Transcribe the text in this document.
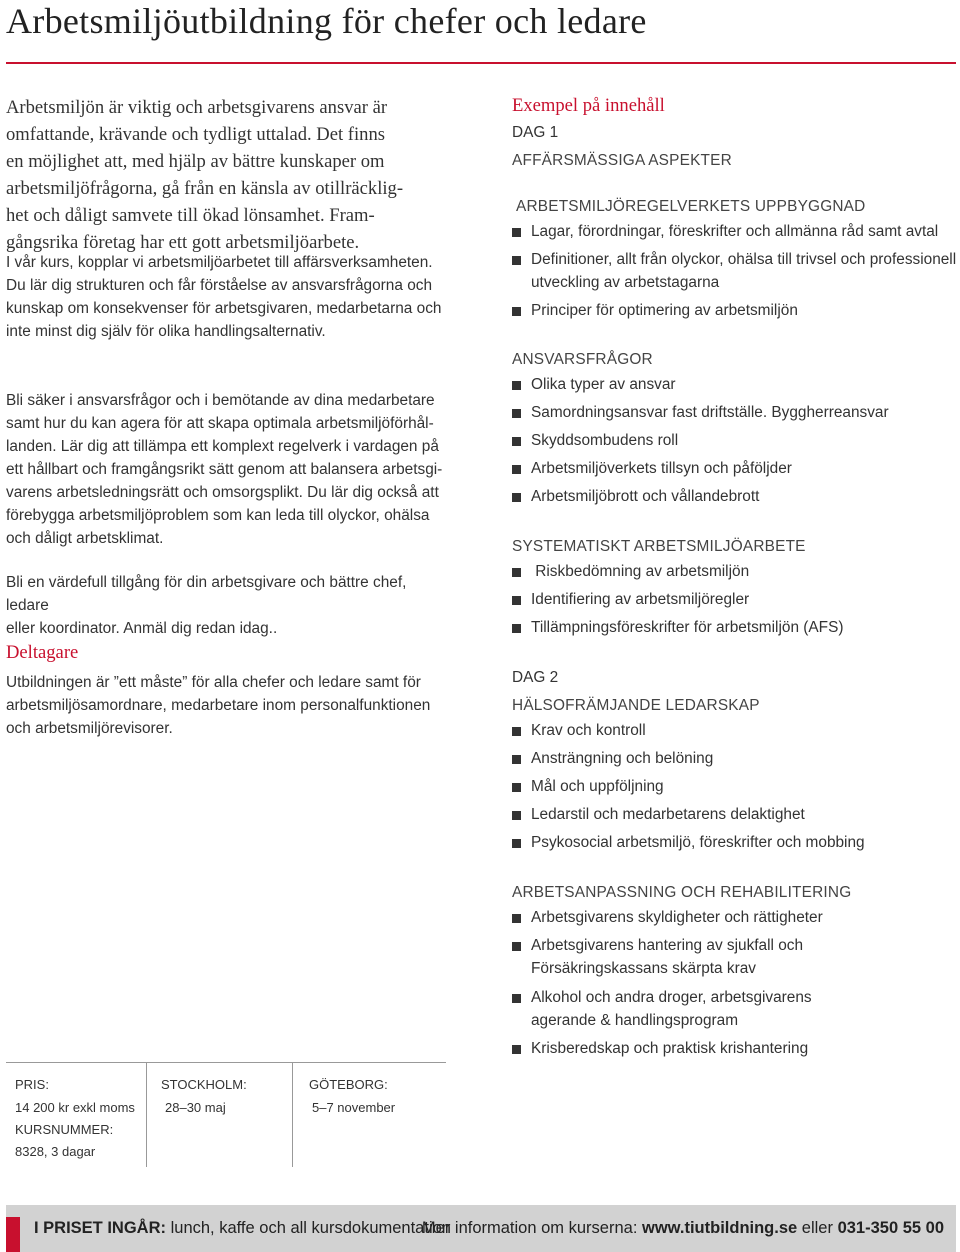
Arbetsmiljöutbildning för chefer och ledare

Arbetsmiljön är viktig och arbetsgivarens ansvar är

omfattande, krävande och tydligt uttalad. Det finns

en möjlighet att, med hjälp av bättre kunskaper om

arbetsmiljöfrågorna, gå från en känsla av otillräcklig-

het och dåligt samvete till ökad lönsamhet. Fram-

gångsrika företag har ett gott arbetsmiljöarbete.

I vår kurs, kopplar vi arbetsmiljöarbetet till affärsverksamheten.

Du lär dig strukturen och får förståelse av ansvarsfrågorna och

kunskap om konsekvenser för arbetsgivaren, medarbetarna och

inte minst dig själv för olika handlingsalternativ.

Bli säker i ansvarsfrågor och i bemötande av dina medarbetare

samt hur du kan agera för att skapa optimala arbetsmiljöförhål-

landen. Lär dig att tillämpa ett komplext regelverk i vardagen på

ett hållbart och framgångsrikt sätt genom att balansera arbetsgi-

varens arbetsledningsrätt och omsorgsplikt. Du lär dig också att

förebygga arbetsmiljöproblem som kan leda till olyckor, ohälsa

och dåligt arbetsklimat.

Bli en värdefull tillgång för din arbetsgivare och bättre chef, ledare

eller koordinator. Anmäl dig redan idag..

Deltagare

Utbildningen är ”ett måste” för alla chefer och ledare samt för

arbetsmiljösamordnare, medarbetare inom personalfunktionen

och arbetsmiljörevisorer.

Exempel på innehåll
DAG 1
AFFÄRSMÄSSIGA ASPEKTER
ARBETSMILJÖREGELVERKETS UPPBYGGNAD
Lagar, förordningar, föreskrifter och allmänna råd samt avtal
Definitioner, allt från olyckor, ohälsa till trivsel och professionell utveckling av arbetstagarna
Principer för optimering av arbetsmiljön
ANSVARSFRÅGOR
Olika typer av ansvar
Samordningsansvar fast driftställe. Byggherreansvar
Skyddsombudens roll
Arbetsmiljöverkets tillsyn och påföljder
Arbetsmiljöbrott och vållandebrott
SYSTEMATISKT ARBETSMILJÖARBETE
Riskbedömning av arbetsmiljön
Identifiering av arbetsmiljöregler
Tillämpningsföreskrifter för arbetsmiljön (AFS)
DAG 2
HÄLSOFRÄMJANDE LEDARSKAP
Krav och kontroll
Ansträngning och belöning
Mål och uppföljning
Ledarstil och medarbetarens delaktighet
Psykosocial arbetsmiljö, föreskrifter och mobbing
ARBETSANPASSNING OCH REHABILITERING
Arbetsgivarens skyldigheter och rättigheter
Arbetsgivarens hantering av sjukfall och Försäkringskassans skärpta krav
Alkohol och andra droger, arbetsgivarens agerande & handlingsprogram
Krisberedskap och praktisk krishantering
PRIS:
14 200 kr exkl moms
KURSNUMMER:
8328, 3 dagar
STOCKHOLM:
28–30 maj
GÖTEBORG:
5–7 november
I PRISET INGÅR: lunch, kaffe och all kursdokumentation
Mer information om kurserna: www.tiutbildning.se eller 031-350 55 00
